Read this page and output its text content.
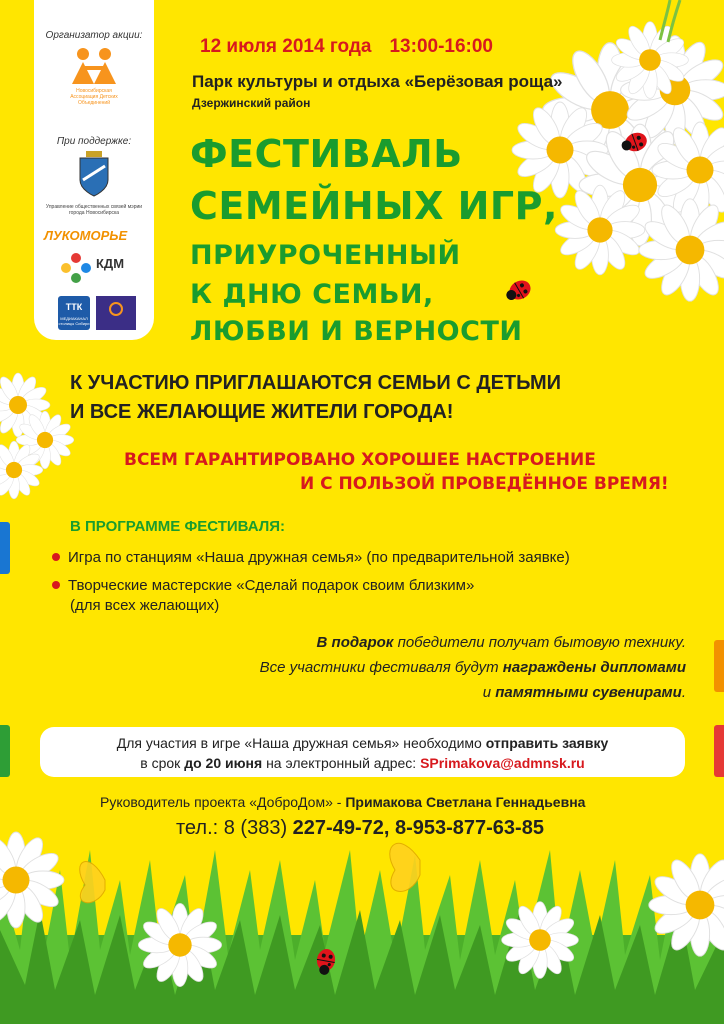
Организатор акции:
Новосибирская Ассоциация Детских Объединений
При поддержке:
Управление общественных связей мэрии города Новосибирска
ЛУКОМОРЬЕ
КДМ
ТТК
МЕДИАКАНАЛ столицы Сибири
12 июля 2014 года 13:00-16:00
Парк культуры и отдыха «Берёзовая роща»
Дзержинский район
ФЕСТИВАЛЬ
СЕМЕЙНЫХ ИГР,
ПРИУРОЧЕННЫЙ
К ДНЮ СЕМЬИ,
ЛЮБВИ И ВЕРНОСТИ
К УЧАСТИЮ ПРИГЛАШАЮТСЯ СЕМЬИ С ДЕТЬМИ
И ВСЕ ЖЕЛАЮЩИЕ ЖИТЕЛИ ГОРОДА!
ВСЕМ ГАРАНТИРОВАНО ХОРОШЕЕ НАСТРОЕНИЕ
И С ПОЛЬЗОЙ ПРОВЕДЁННОЕ ВРЕМЯ!
В ПРОГРАММЕ ФЕСТИВАЛЯ:
Игра по станциям «Наша дружная семья» (по предварительной заявке)
Творческие мастерские «Сделай подарок своим близким»
(для всех желающих)
В подарок победители получат бытовую технику.
Все участники фестиваля будут награждены дипломами
и памятными сувенирами.
Для участия в игре «Наша дружная семья» необходимо отправить заявку
в срок до 20 июня на электронный адрес: SPrimakova@admnsk.ru
Руководитель проекта «ДоброДом» - Примакова Светлана Геннадьевна
тел.: 8 (383) 227-49-72, 8-953-877-63-85
